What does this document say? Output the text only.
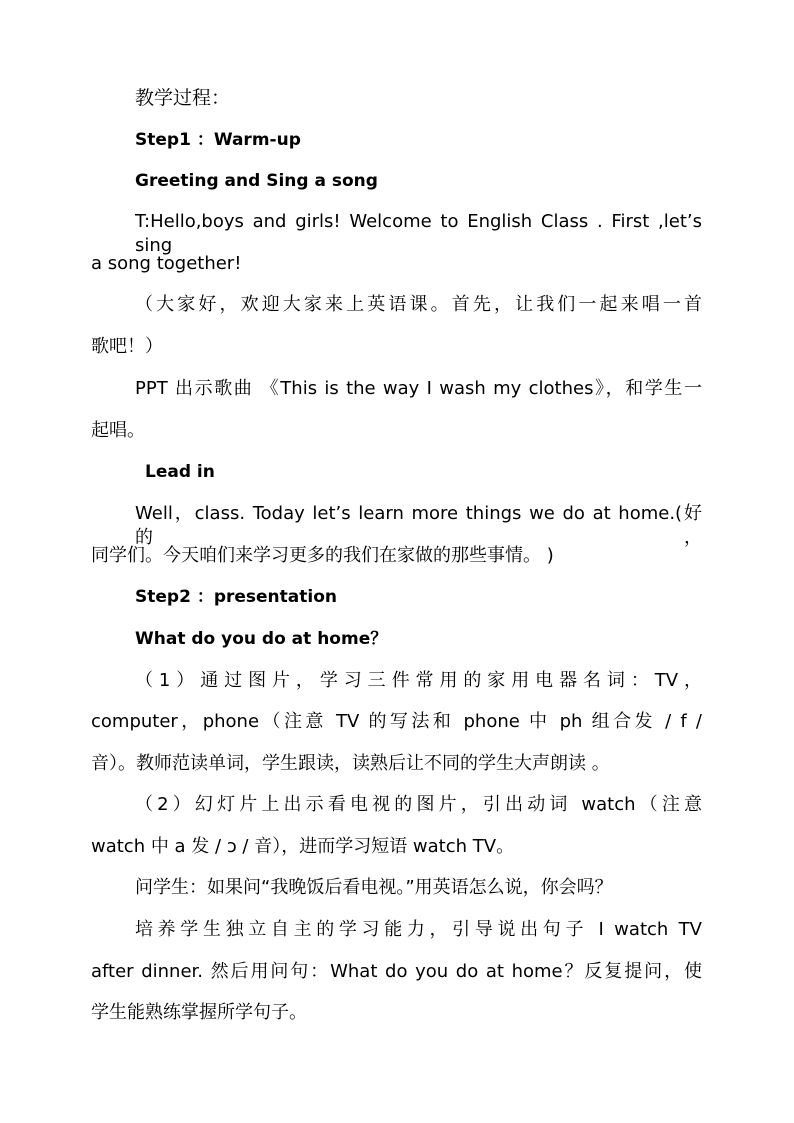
教学过程：
Step1 ：Warm-up
Greeting and Sing a song
T:Hello,boys and girls! Welcome to English Class . First ,let’s sing
a song together!
（大家好，欢迎大家来上英语课。首先，让我们一起来唱一首
歌吧！）
PPT 出示歌曲 《This is the way I wash my clothes》，和学生一
起唱。
Lead in
Well，class. Today let’s learn more things we do at home.(好的，
同学们。今天咱们来学习更多的我们在家做的那些事情。 )
Step2 ：presentation
What do you do at home？
（1）通过图片，学习三件常用的家用电器名词：TV，
computer，phone（注意 TV 的写法和 phone 中 ph 组合发 / f /
音）。教师范读单词，学生跟读，读熟后让不同的学生大声朗读 。
（2）幻灯片上出示看电视的图片，引出动词 watch（注意
watch 中 a 发 / ɔ / 音），进而学习短语 watch TV。
问学生：如果问“我晚饭后看电视。”用英语怎么说，你会吗？
培养学生独立自主的学习能力，引导说出句子 I watch TV
after dinner. 然后用问句：What do you do at home？反复提问，使
学生能熟练掌握所学句子。
